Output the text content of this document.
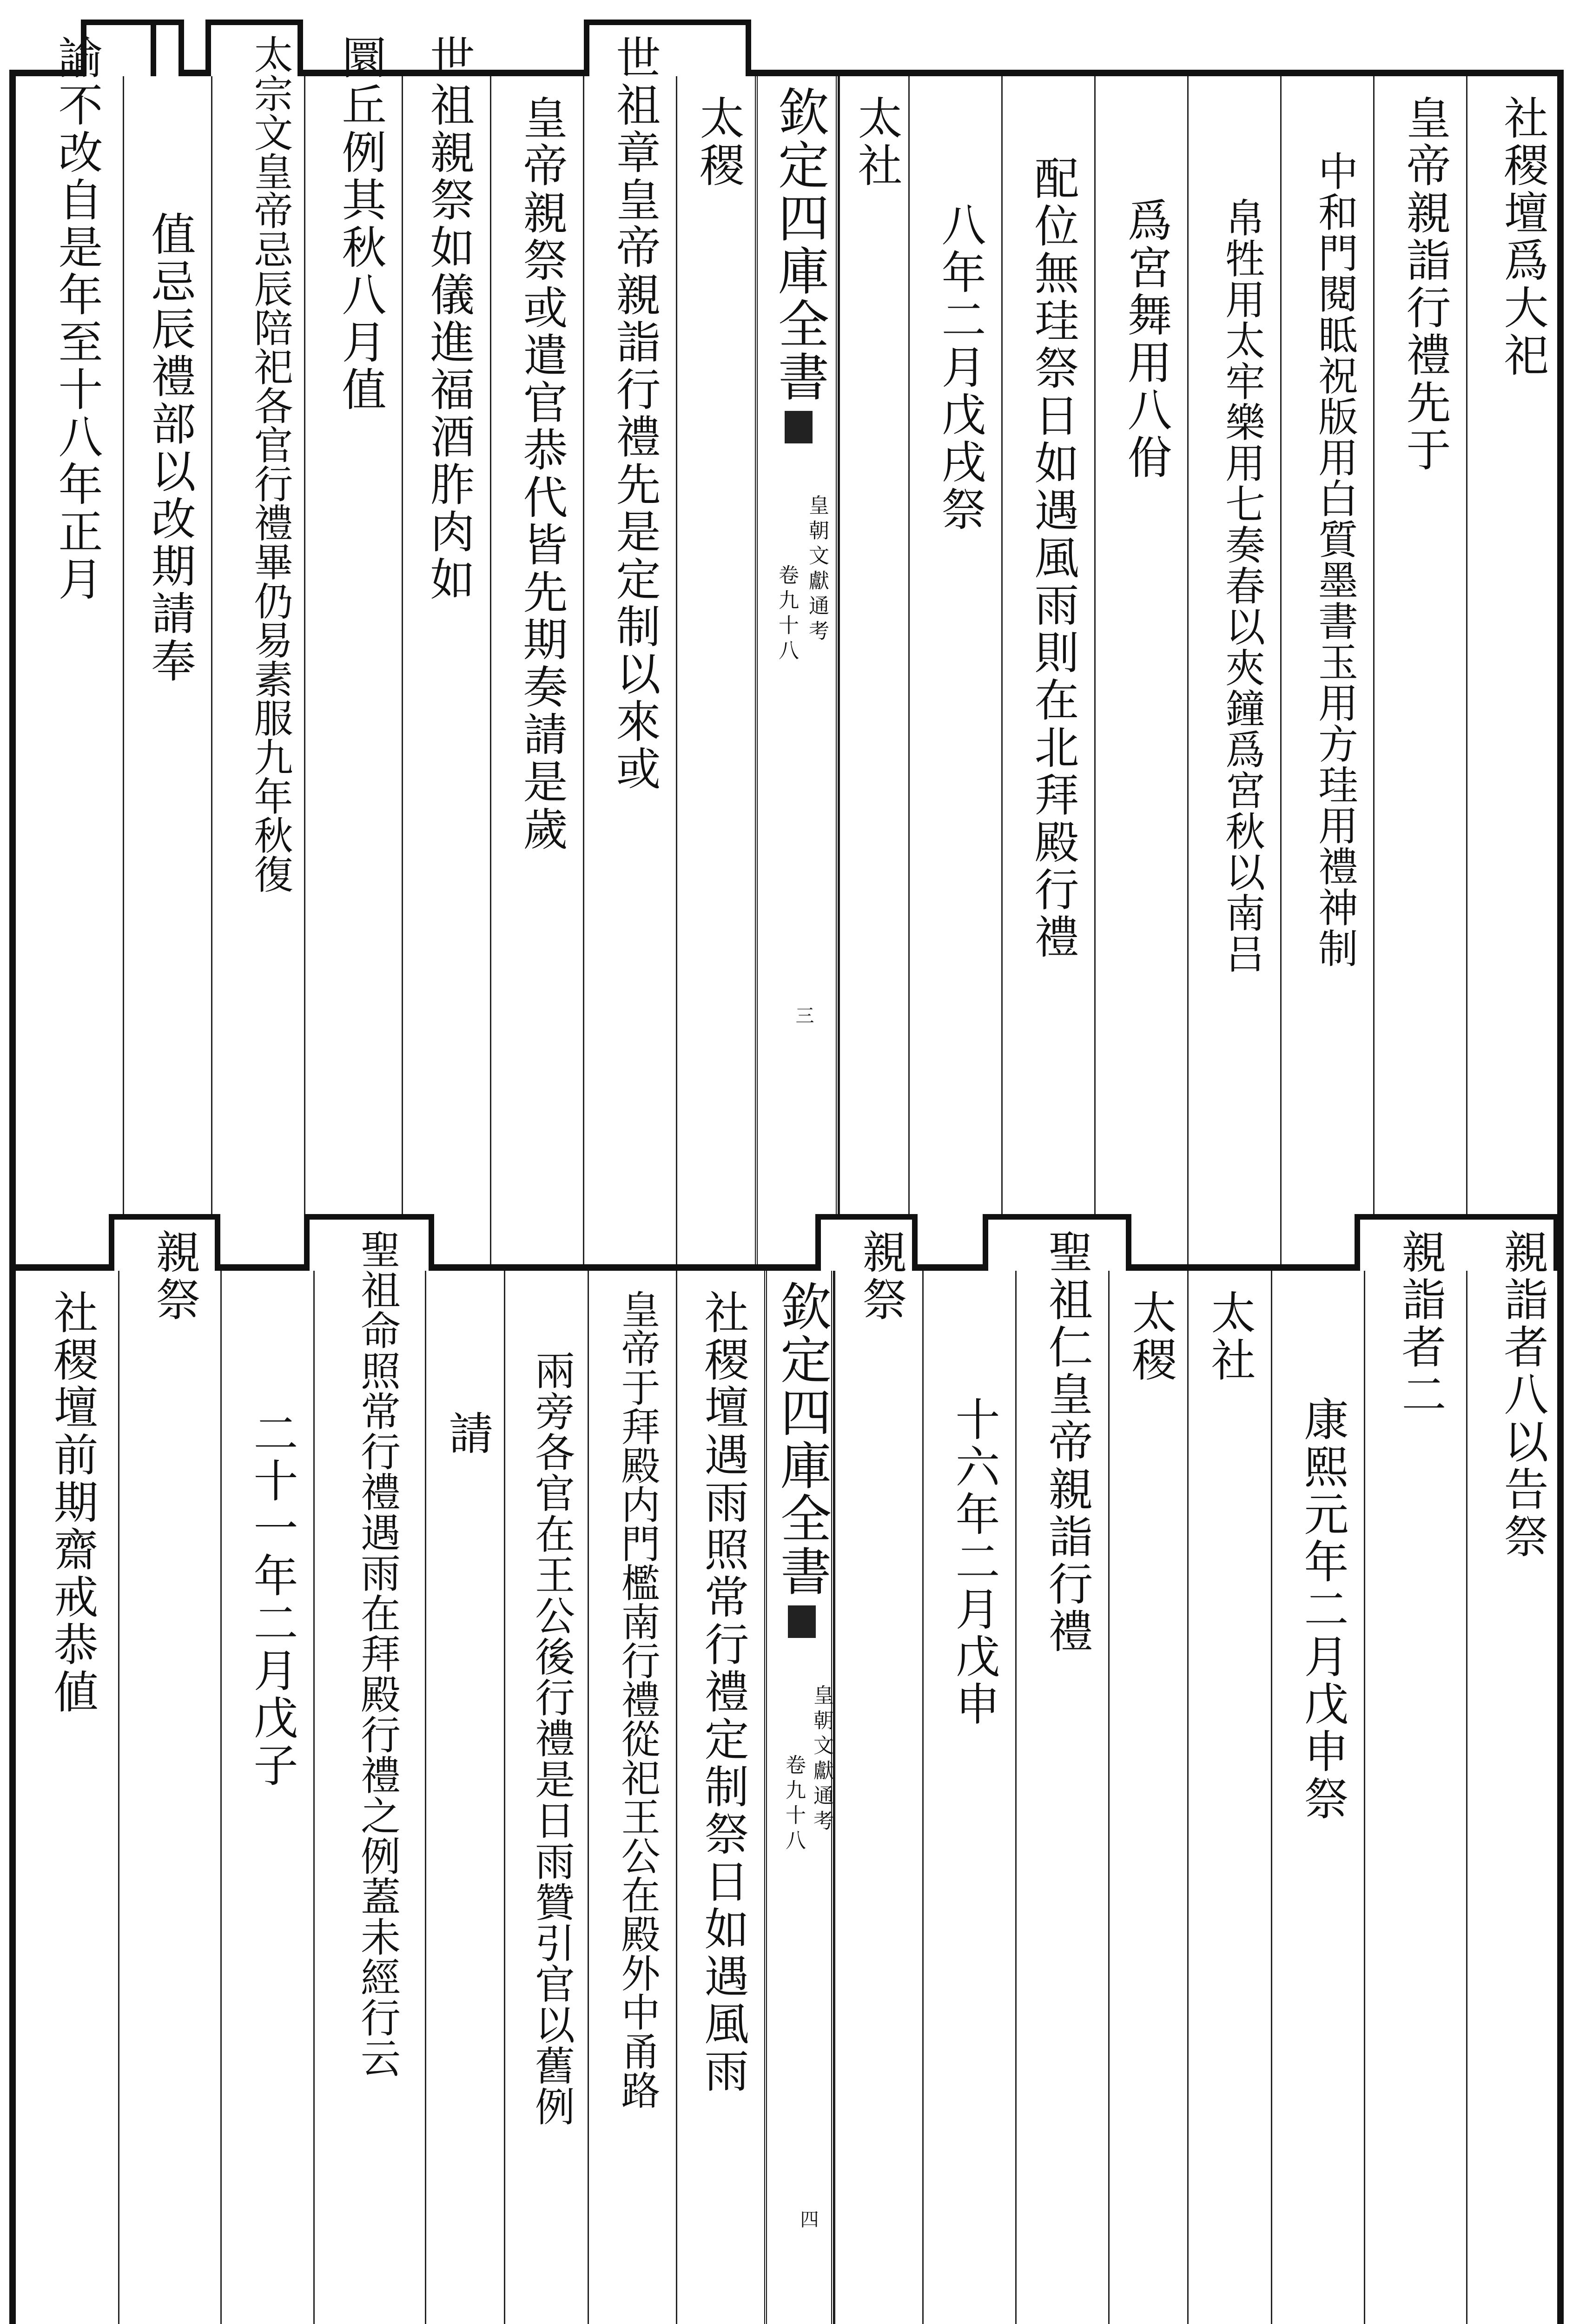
社稷壇爲大祀
皇帝親詣行禮先于
中和門閱眡祝版用白質墨書玉用方珪用禮神制
帛牲用太牢樂用七奏春以夾鐘爲宮秋以南吕
爲宮舞用八佾
配位無珪祭日如遇風雨則在北拜殿行禮
八年二月戊戌祭
太社
欽定四庫全書
皇朝文獻通考
卷九十八
三
太稷
世祖章皇帝親詣行禮先是定制以來或
皇帝親祭或遣官恭代皆先期奏請是歲
世祖親祭如儀進福酒胙肉如
圜丘例其秋八月值
太宗文皇帝忌辰陪祀各官行禮畢仍易素服九年秋復
值忌辰禮部以改期請奉
諭不改自是年至十八年正月
親詣者八以告祭
親詣者二
康熙元年二月戊申祭
太社
太稷
聖祖仁皇帝親詣行禮
十六年二月戊申
親祭
欽定四庫全書
皇朝文獻通考
卷九十八
四
社稷壇遇雨照常行禮定制祭日如遇風雨
皇帝于拜殿内門檻南行禮從祀王公在殿外中甬路
兩旁各官在王公後行禮是日雨贊引官以舊例
請
聖祖命照常行禮遇雨在拜殿行禮之例蓋未經行云
二十一年二月戊子
親祭
社稷壇前期齋戒恭値
